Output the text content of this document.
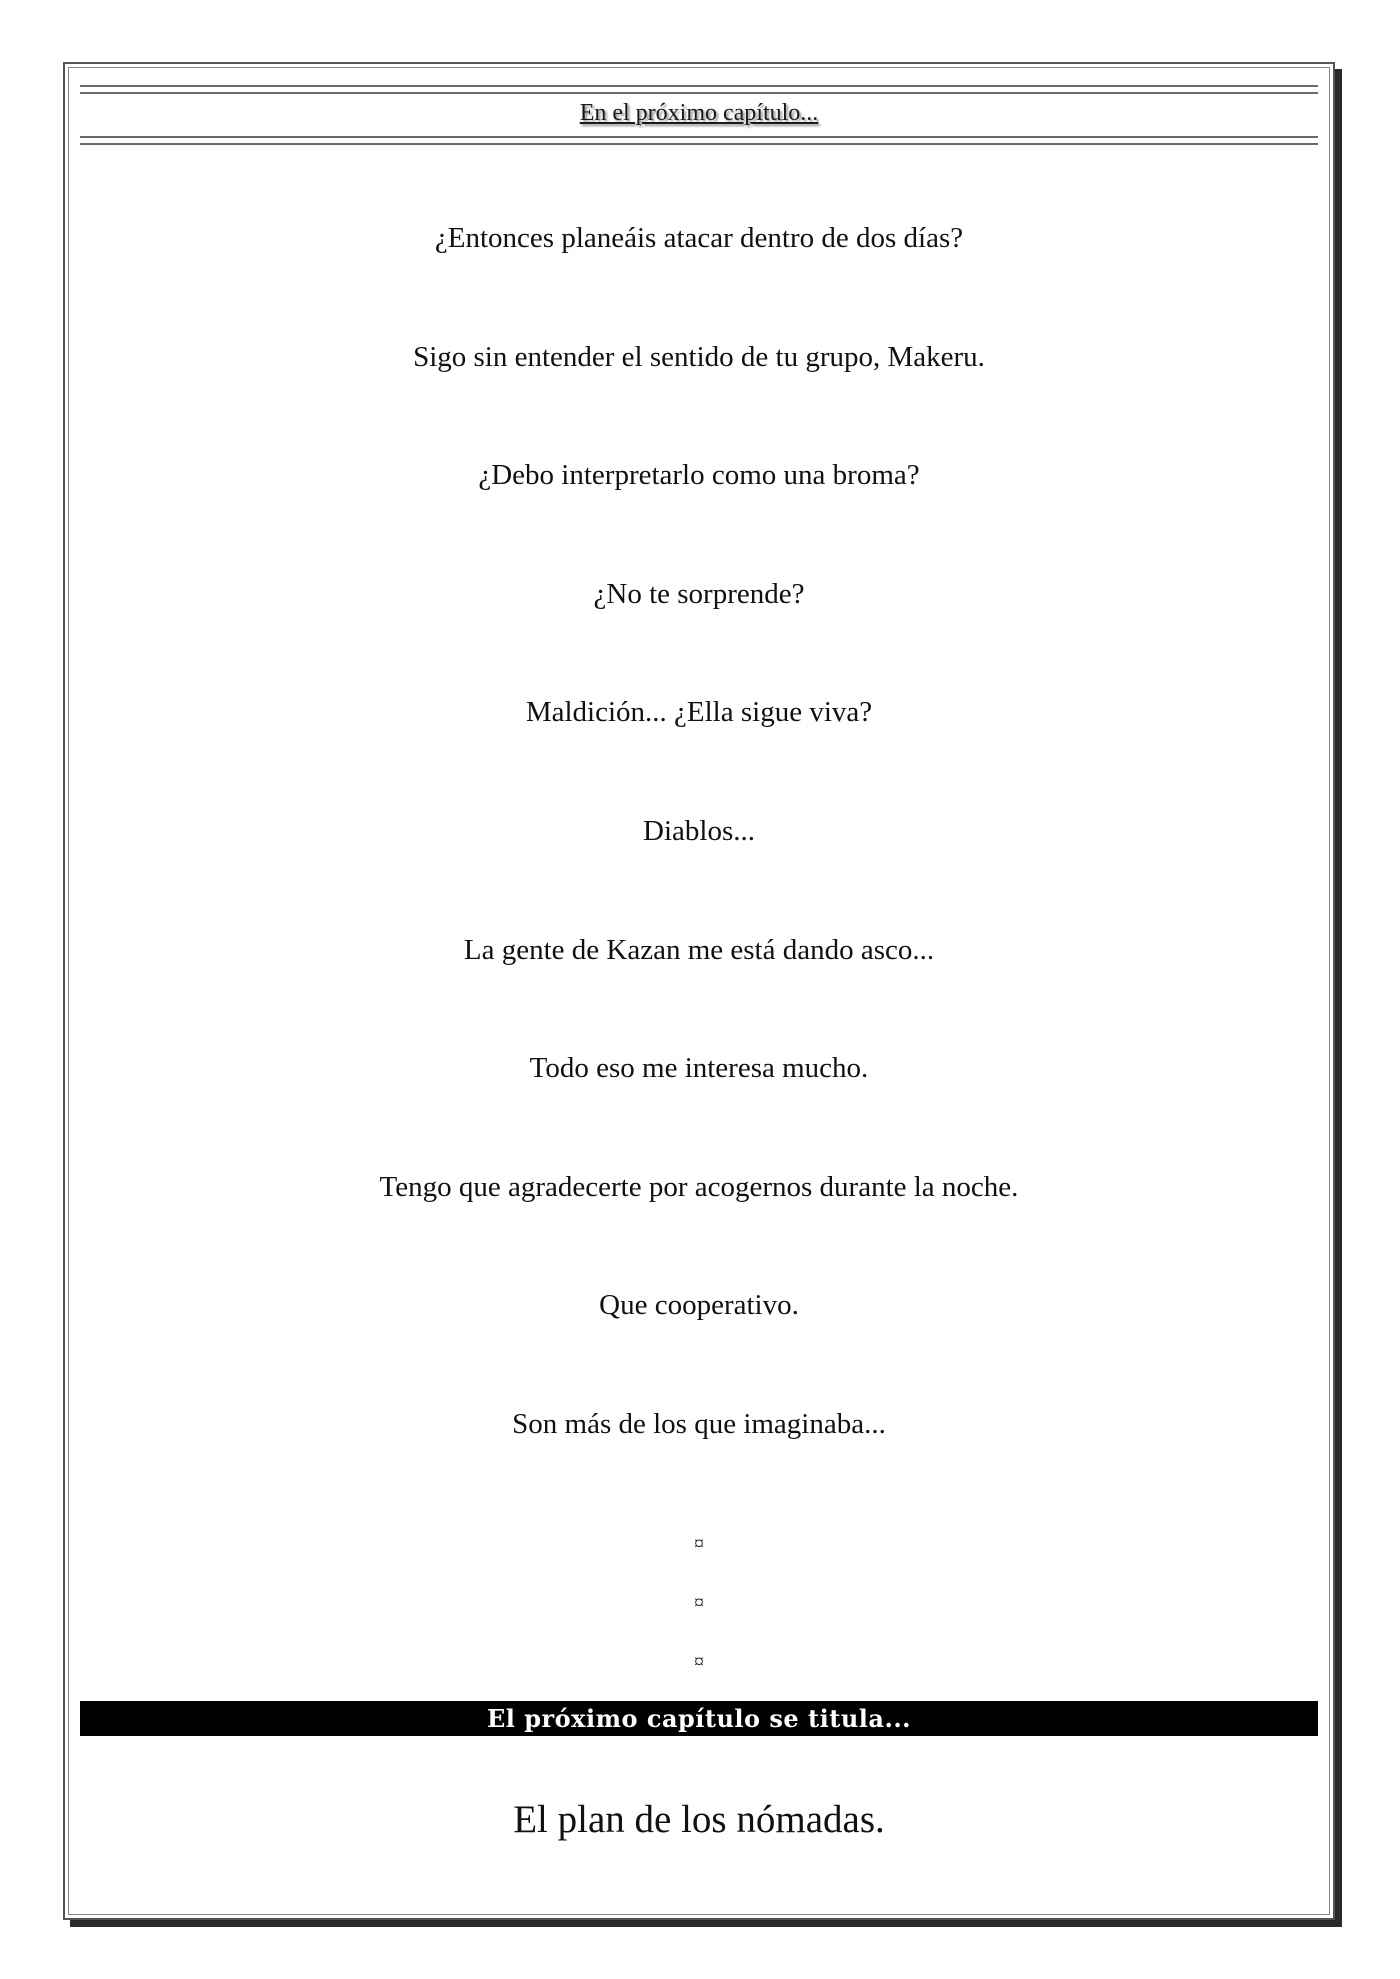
En el próximo capítulo...
¿Entonces planeáis atacar dentro de dos días?
Sigo sin entender el sentido de tu grupo, Makeru.
¿Debo interpretarlo como una broma?
¿No te sorprende?
Maldición... ¿Ella sigue viva?
Diablos...
La gente de Kazan me está dando asco...
Todo eso me interesa mucho.
Tengo que agradecerte por acogernos durante la noche.
Que cooperativo.
Son más de los que imaginaba...
¤
¤
¤
El próximo capítulo se titula...
El plan de los nómadas.
